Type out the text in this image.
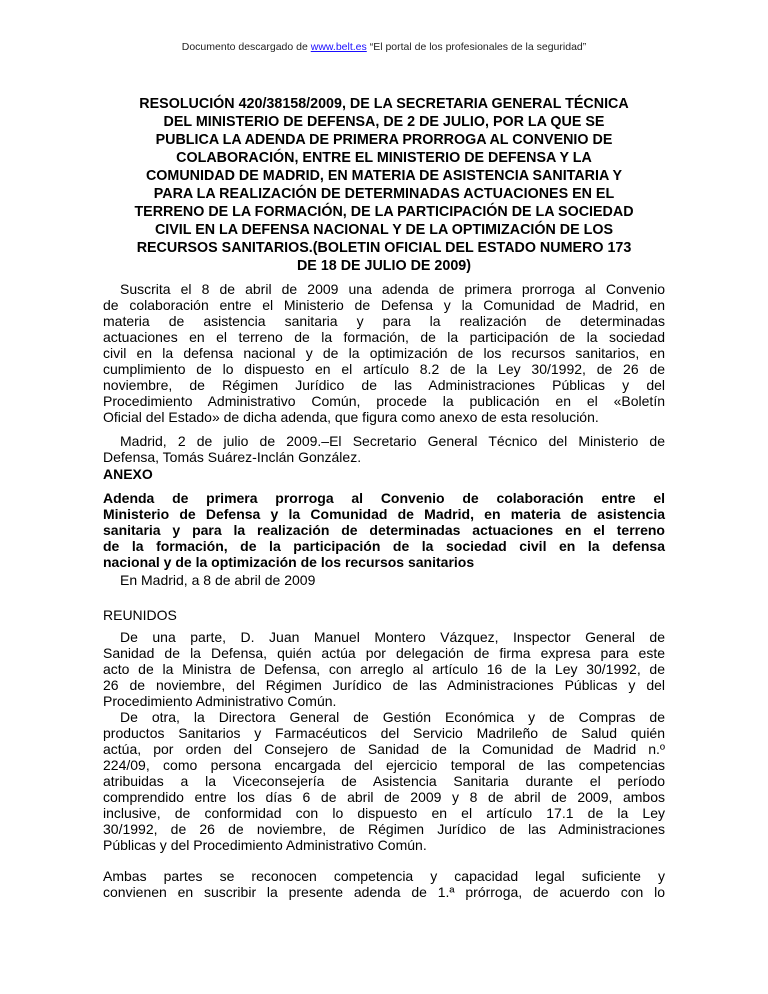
Documento descargado de www.belt.es “El portal de los profesionales de la seguridad”
RESOLUCIÓN 420/38158/2009, DE LA SECRETARIA GENERAL TÉCNICA
DEL MINISTERIO DE DEFENSA, DE 2 DE JULIO, POR LA QUE SE
PUBLICA LA ADENDA DE PRIMERA PRORROGA AL CONVENIO DE
COLABORACIÓN, ENTRE EL MINISTERIO DE DEFENSA Y LA
COMUNIDAD DE MADRID, EN MATERIA DE ASISTENCIA SANITARIA Y
PARA LA REALIZACIÓN DE DETERMINADAS ACTUACIONES EN EL
TERRENO DE LA FORMACIÓN, DE LA PARTICIPACIÓN DE LA SOCIEDAD
CIVIL EN LA DEFENSA NACIONAL Y DE LA OPTIMIZACIÓN DE LOS
RECURSOS SANITARIOS.(BOLETIN OFICIAL DEL ESTADO NUMERO 173
DE 18 DE JULIO DE 2009)
Suscrita el 8 de abril de 2009 una adenda de primera prorroga al Convenio
de colaboración entre el Ministerio de Defensa y la Comunidad de Madrid, en
materia de asistencia sanitaria y para la realización de determinadas
actuaciones en el terreno de la formación, de la participación de la sociedad
civil en la defensa nacional y de la optimización de los recursos sanitarios, en
cumplimiento de lo dispuesto en el artículo 8.2 de la Ley 30/1992, de 26 de
noviembre, de Régimen Jurídico de las Administraciones Públicas y del
Procedimiento Administrativo Común, procede la publicación en el «Boletín
Oficial del Estado» de dicha adenda, que figura como anexo de esta resolución.
Madrid, 2 de julio de 2009.–El Secretario General Técnico del Ministerio de
Defensa, Tomás Suárez-Inclán González.
ANEXO
Adenda de primera prorroga al Convenio de colaboración entre el
Ministerio de Defensa y la Comunidad de Madrid, en materia de asistencia
sanitaria y para la realización de determinadas actuaciones en el terreno
de la formación, de la participación de la sociedad civil en la defensa
nacional y de la optimización de los recursos sanitarios
En Madrid, a 8 de abril de 2009
REUNIDOS
De una parte, D. Juan Manuel Montero Vázquez, Inspector General de
Sanidad de la Defensa, quién actúa por delegación de firma expresa para este
acto de la Ministra de Defensa, con arreglo al artículo 16 de la Ley 30/1992, de
26 de noviembre, del Régimen Jurídico de las Administraciones Públicas y del
Procedimiento Administrativo Común.
De otra, la Directora General de Gestión Económica y de Compras de
productos Sanitarios y Farmacéuticos del Servicio Madrileño de Salud quién
actúa, por orden del Consejero de Sanidad de la Comunidad de Madrid n.º
224/09, como persona encargada del ejercicio temporal de las competencias
atribuidas a la Viceconsejería de Asistencia Sanitaria durante el período
comprendido entre los días 6 de abril de 2009 y 8 de abril de 2009, ambos
inclusive, de conformidad con lo dispuesto en el artículo 17.1 de la Ley
30/1992, de 26 de noviembre, de Régimen Jurídico de las Administraciones
Públicas y del Procedimiento Administrativo Común.
Ambas partes se reconocen competencia y capacidad legal suficiente y
convienen en suscribir la presente adenda de 1.ª prórroga, de acuerdo con lo
